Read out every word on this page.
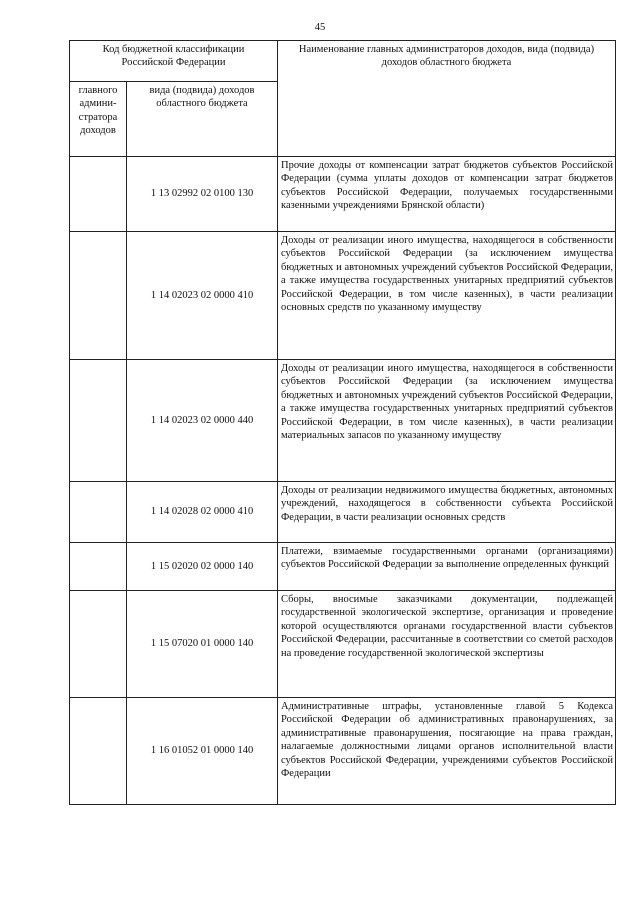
45
Код бюджетной классификации Российской Федерации		Наименование главных администраторов доходов, вида (подвида) доходов областного бюджета
главного админи-стратора доходов	вида (подвида) доходов областного бюджета	
	1 13 02992 02 0100 130	Прочие доходы от компенсации затрат бюджетов субъектов Российской Федерации (сумма уплаты доходов от компенсации затрат бюджетов субъектов Российской Федерации, получаемых государственными казенными учреждениями Брянской области)
	1 14 02023 02 0000 410	Доходы от реализации иного имущества, находящегося в собственности субъектов Российской Федерации (за исключением имущества бюджетных и автономных учреждений субъектов Российской Федерации, а также имущества государственных унитарных предприятий субъектов Российской Федерации, в том числе казенных), в части реализации основных средств по указанному имуществу
	1 14 02023 02 0000 440	Доходы от реализации иного имущества, находящегося в собственности субъектов Российской Федерации (за исключением имущества бюджетных и автономных учреждений субъектов Российской Федерации, а также имущества государственных унитарных предприятий субъектов Российской Федерации, в том числе казенных), в части реализации материальных запасов по указанному имуществу
	1 14 02028 02 0000 410	Доходы от реализации недвижимого имущества бюджетных, автономных учреждений, находящегося в собственности субъекта Российской Федерации, в части реализации основных средств
	1 15 02020 02 0000 140	Платежи, взимаемые государственными органами (организациями) субъектов Российской Федерации за выполнение определенных функций
	1 15 07020 01 0000 140	Сборы, вносимые заказчиками документации, подлежащей государственной экологической экспертизе, организация и проведение которой осуществляются органами государственной власти субъектов Российской Федерации, рассчитанные в соответствии со сметой расходов на проведение государственной экологической экспертизы
	1 16 01052 01 0000 140	Административные штрафы, установленные главой 5 Кодекса Российской Федерации об административных правонарушениях, за административные правонарушения, посягающие на права граждан, налагаемые должностными лицами органов исполнительной власти субъектов Российской Федерации, учреждениями субъектов Российской Федерации
